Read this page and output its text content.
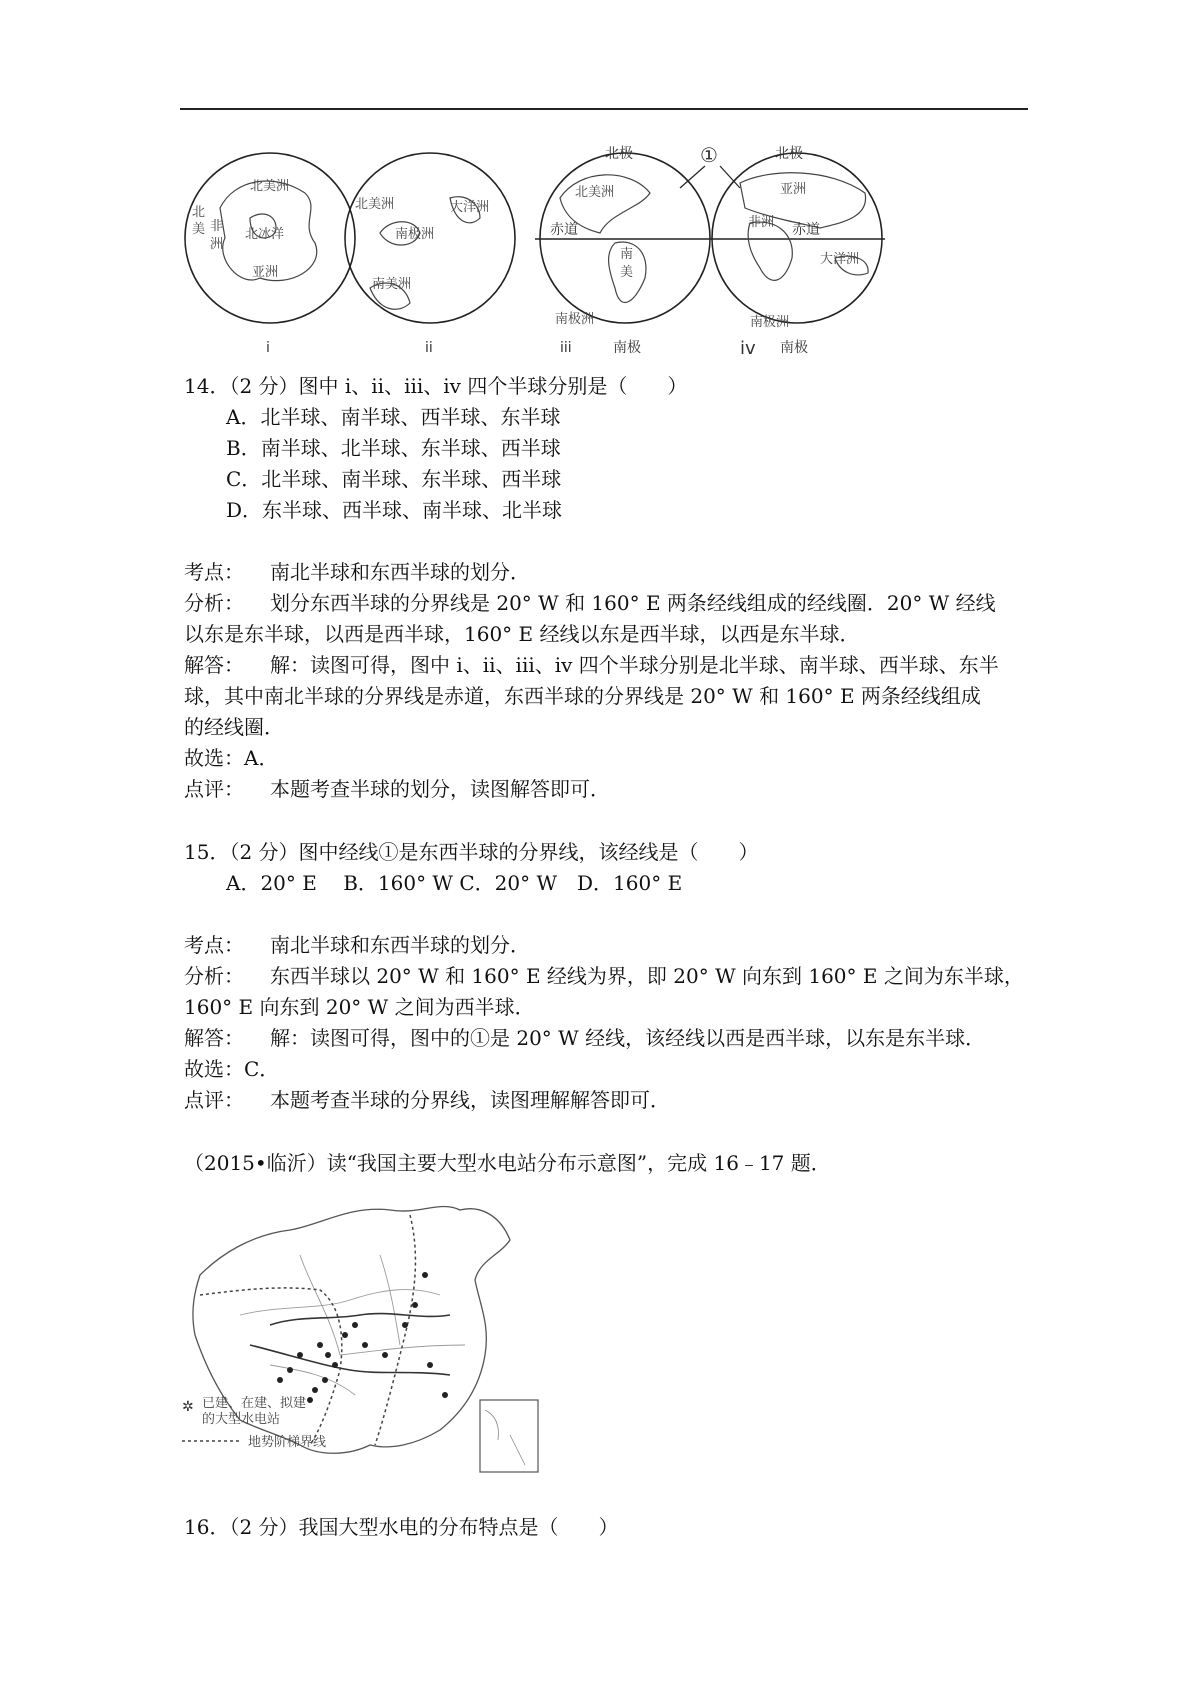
北美洲
北
美 非
洲
北冰洋
亚洲
北美洲
南极洲
大洋洲
南美洲
北美洲
南
美
南极洲
亚洲
非洲
大洋洲
南极洲
赤道	赤道
北极	北极
南极	南极
①
i	ii	iii	iv
14．（2 分）图中 i、ii、iii、iv 四个半球分别是（　　）
A．北半球、南半球、西半球、东半球
B．南半球、北半球、东半球、西半球
C．北半球、南半球、东半球、西半球
D．东半球、西半球、南半球、北半球
考点： 南北半球和东西半球的划分．
分析： 划分东西半球的分界线是 20° W 和 160° E 两条经线组成的经线圈．20° W 经线
以东是东半球，以西是西半球，160° E 经线以东是西半球，以西是东半球．
解答： 解：读图可得，图中 i、ii、iii、iv 四个半球分别是北半球、南半球、西半球、东半
球，其中南北半球的分界线是赤道，东西半球的分界线是 20° W 和 160° E 两条经线组成
的经线圈．
故选：A．
点评： 本题考查半球的划分，读图解答即可．
15．（2 分）图中经线①是东西半球的分界线，该经线是（　　）
A．20° E　 B．160° W C．20° W　D．160° E
考点： 南北半球和东西半球的划分．
分析： 东西半球以 20° W 和 160° E 经线为界，即 20° W 向东到 160° E 之间为东半球，
160° E 向东到 20° W 之间为西半球．
解答： 解：读图可得，图中的①是 20° W 经线，该经线以西是西半球，以东是东半球．
故选：C．
点评： 本题考查半球的分界线，读图理解解答即可．
（2015•临沂）读“我国主要大型水电站分布示意图”，完成 16﹣17 题．
✲ 已建、在建、拟建
的大型水电站
地势阶梯界线
16．（2 分）我国大型水电的分布特点是（　　）
